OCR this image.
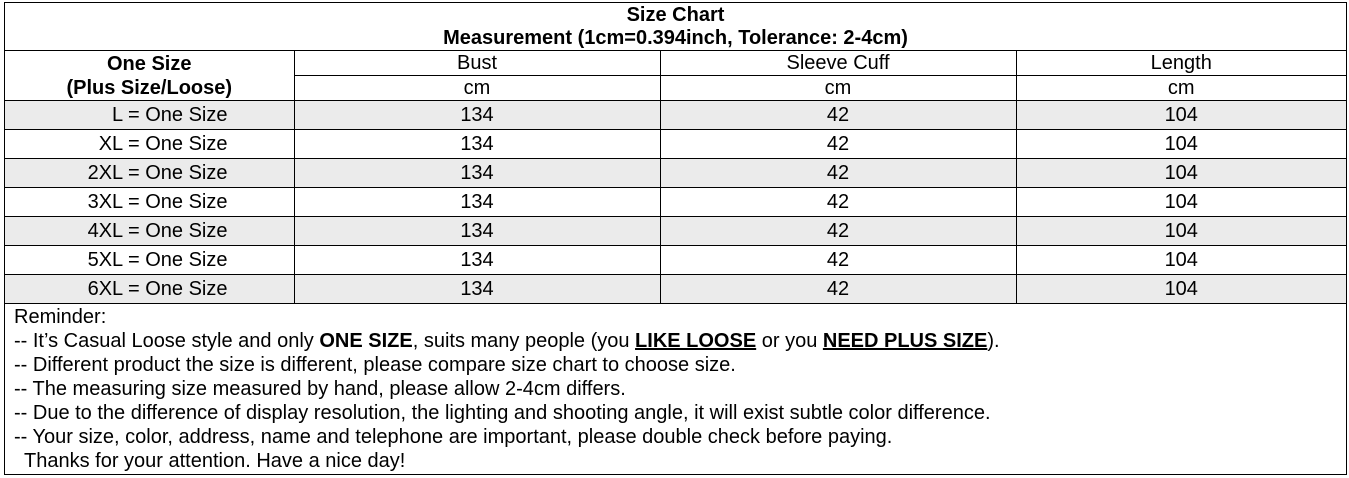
Size Chart
Measurement (1cm=0.394inch, Tolerance: 2-4cm)
One Size
(Plus Size/Loose)	Bust	Sleeve Cuff	Length
	cm	cm	cm
L = One Size	134	42	104
XL = One Size	134	42	104
2XL = One Size	134	42	104
3XL = One Size	134	42	104
4XL = One Size	134	42	104
5XL = One Size	134	42	104
6XL = One Size	134	42	104
Reminder:
-- It’s Casual Loose style and only ONE SIZE, suits many people (you LIKE LOOSE or you NEED PLUS SIZE).
-- Different product the size is different, please compare size chart to choose size.
-- The measuring size measured by hand, please allow 2-4cm differs.
-- Due to the difference of display resolution, the lighting and shooting angle, it will exist subtle color difference.
-- Your size, color, address, name and telephone are important, please double check before paying.
Thanks for your attention. Have a nice day!
